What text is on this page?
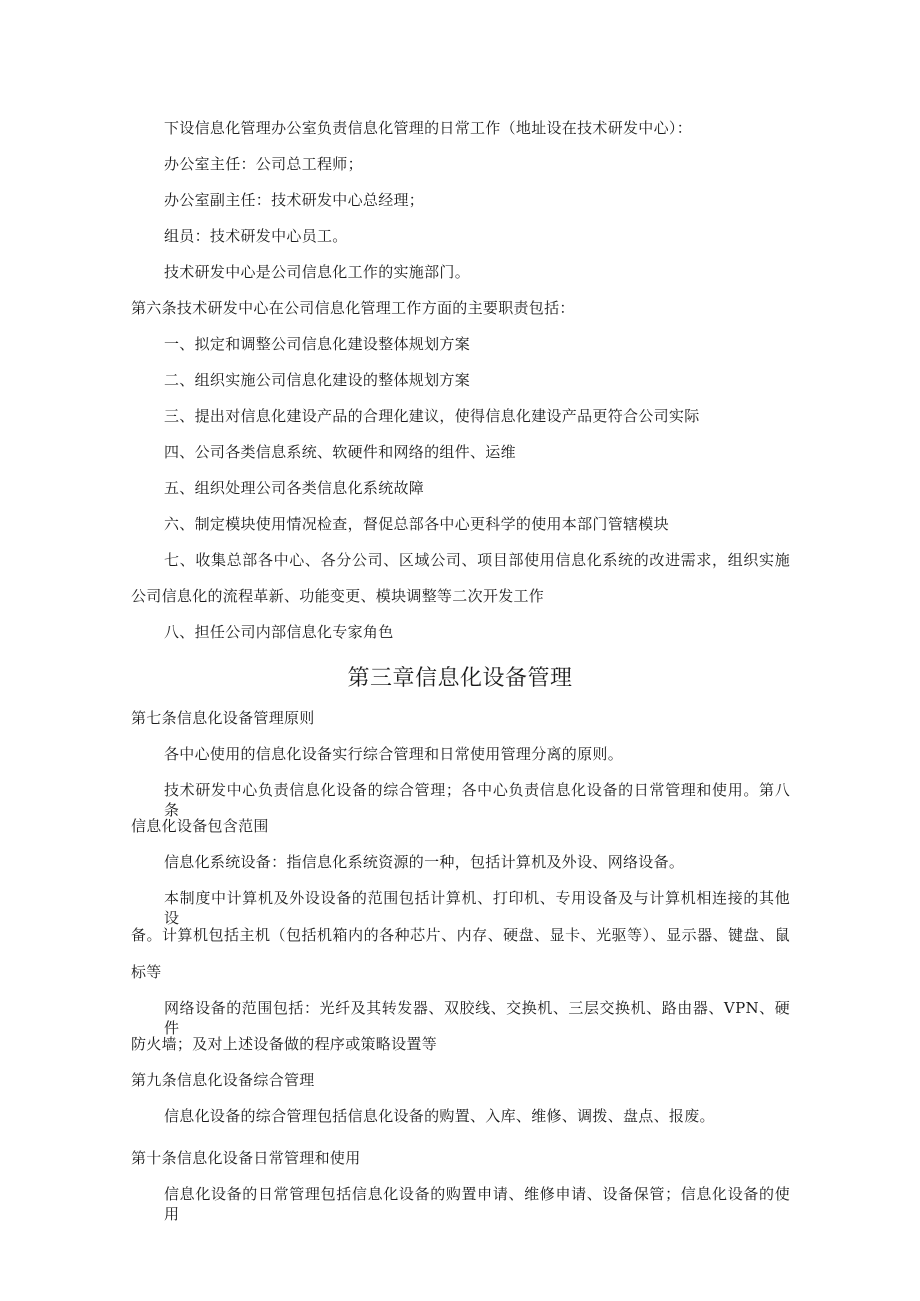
下设信息化管理办公室负责信息化管理的日常工作（地址设在技术研发中心）：
办公室主任：公司总工程师；
办公室副主任：技术研发中心总经理；
组员：技术研发中心员工。
技术研发中心是公司信息化工作的实施部门。
第六条技术研发中心在公司信息化管理工作方面的主要职责包括：
一、拟定和调整公司信息化建设整体规划方案
二、组织实施公司信息化建设的整体规划方案
三、提出对信息化建设产品的合理化建议，使得信息化建设产品更符合公司实际
四、公司各类信息系统、软硬件和网络的组件、运维
五、组织处理公司各类信息化系统故障
六、制定模块使用情况检查，督促总部各中心更科学的使用本部门管辖模块
七、收集总部各中心、各分公司、区域公司、项目部使用信息化系统的改进需求，组织实施
公司信息化的流程革新、功能变更、模块调整等二次开发工作
八、担任公司内部信息化专家角色
第三章信息化设备管理
第七条信息化设备管理原则
各中心使用的信息化设备实行综合管理和日常使用管理分离的原则。
技术研发中心负责信息化设备的综合管理；各中心负责信息化设备的日常管理和使用。第八条
信息化设备包含范围
信息化系统设备：指信息化系统资源的一种，包括计算机及外设、网络设备。
本制度中计算机及外设设备的范围包括计算机、打印机、专用设备及与计算机相连接的其他设
备。计算机包括主机（包括机箱内的各种芯片、内存、硬盘、显卡、光驱等）、显示器、键盘、鼠
标等
网络设备的范围包括：光纤及其转发器、双胶线、交换机、三层交换机、路由器、VPN、硬件
防火墙；及对上述设备做的程序或策略设置等
第九条信息化设备综合管理
信息化设备的综合管理包括信息化设备的购置、入库、维修、调拨、盘点、报废。
第十条信息化设备日常管理和使用
信息化设备的日常管理包括信息化设备的购置申请、维修申请、设备保管；信息化设备的使用
